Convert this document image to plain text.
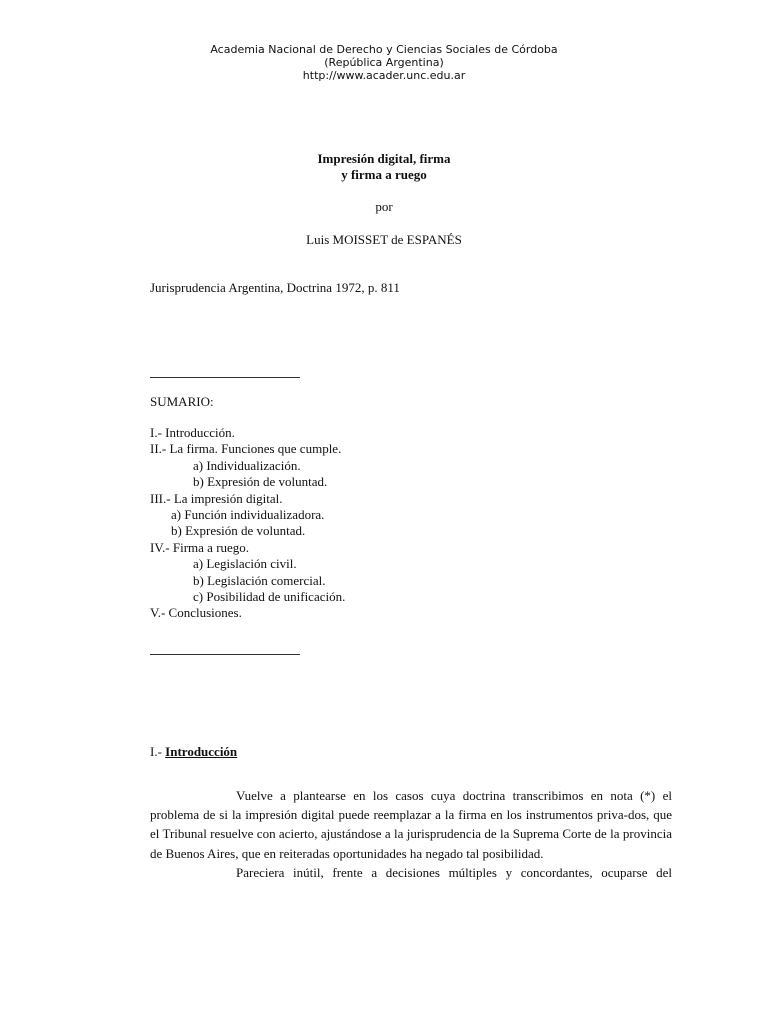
Academia Nacional de Derecho y Ciencias Sociales de Córdoba
(República Argentina)
http://www.acader.unc.edu.ar
Impresión digital, firma
y firma a ruego
por
Luis MOISSET de ESPANÉS
Jurisprudencia Argentina, Doctrina 1972, p. 811
SUMARIO:
I.- Introducción.
II.- La firma. Funciones que cumple.
a) Individualización.
b) Expresión de voluntad.
III.- La impresión digital.
a) Función individualizadora.
b) Expresión de voluntad.
IV.- Firma a ruego.
a) Legislación civil.
b) Legislación comercial.
c) Posibilidad de unificación.
V.- Conclusiones.
I.- Introducción

Vuelve a plantearse en los casos cuya doctrina transcribimos en nota (*) el problema de si la impresión digital puede reemplazar a la firma en los instrumentos priva-dos, que el Tribunal resuelve con acierto, ajustándose a la jurisprudencia de la Suprema Corte de la provincia de Buenos Aires, que en reiteradas oportunidades ha negado tal posibilidad.

Pareciera inútil, frente a decisiones múltiples y concordantes, ocuparse del
